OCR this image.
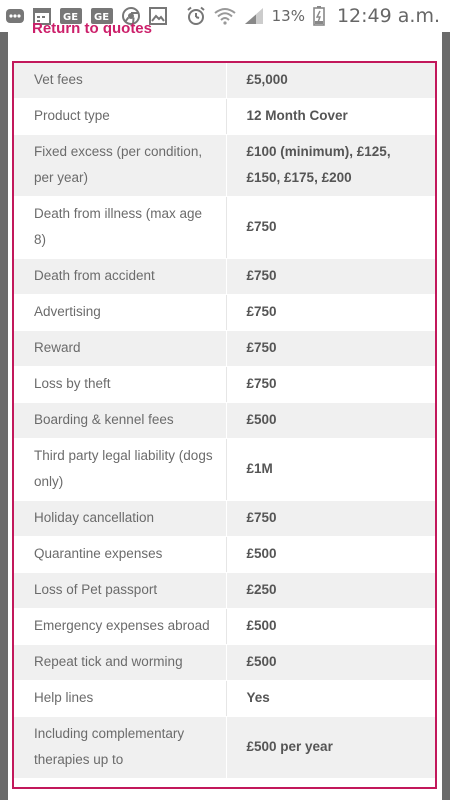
GE GE	13% 12:49 a.m.
Return to quotes
Vet fees	£5,000
Product type	12 Month Cover
Fixed excess (per condition, per year)	£100 (minimum), £125, £150, £175, £200
Death from illness (max age 8)	£750
Death from accident	£750
Advertising	£750
Reward	£750
Loss by theft	£750
Boarding & kennel fees	£500
Third party legal liability (dogs only)	£1M
Holiday cancellation	£750
Quarantine expenses	£500
Loss of Pet passport	£250
Emergency expenses abroad	£500
Repeat tick and worming	£500
Help lines	Yes
Including complementary therapies up to	£500 per year
